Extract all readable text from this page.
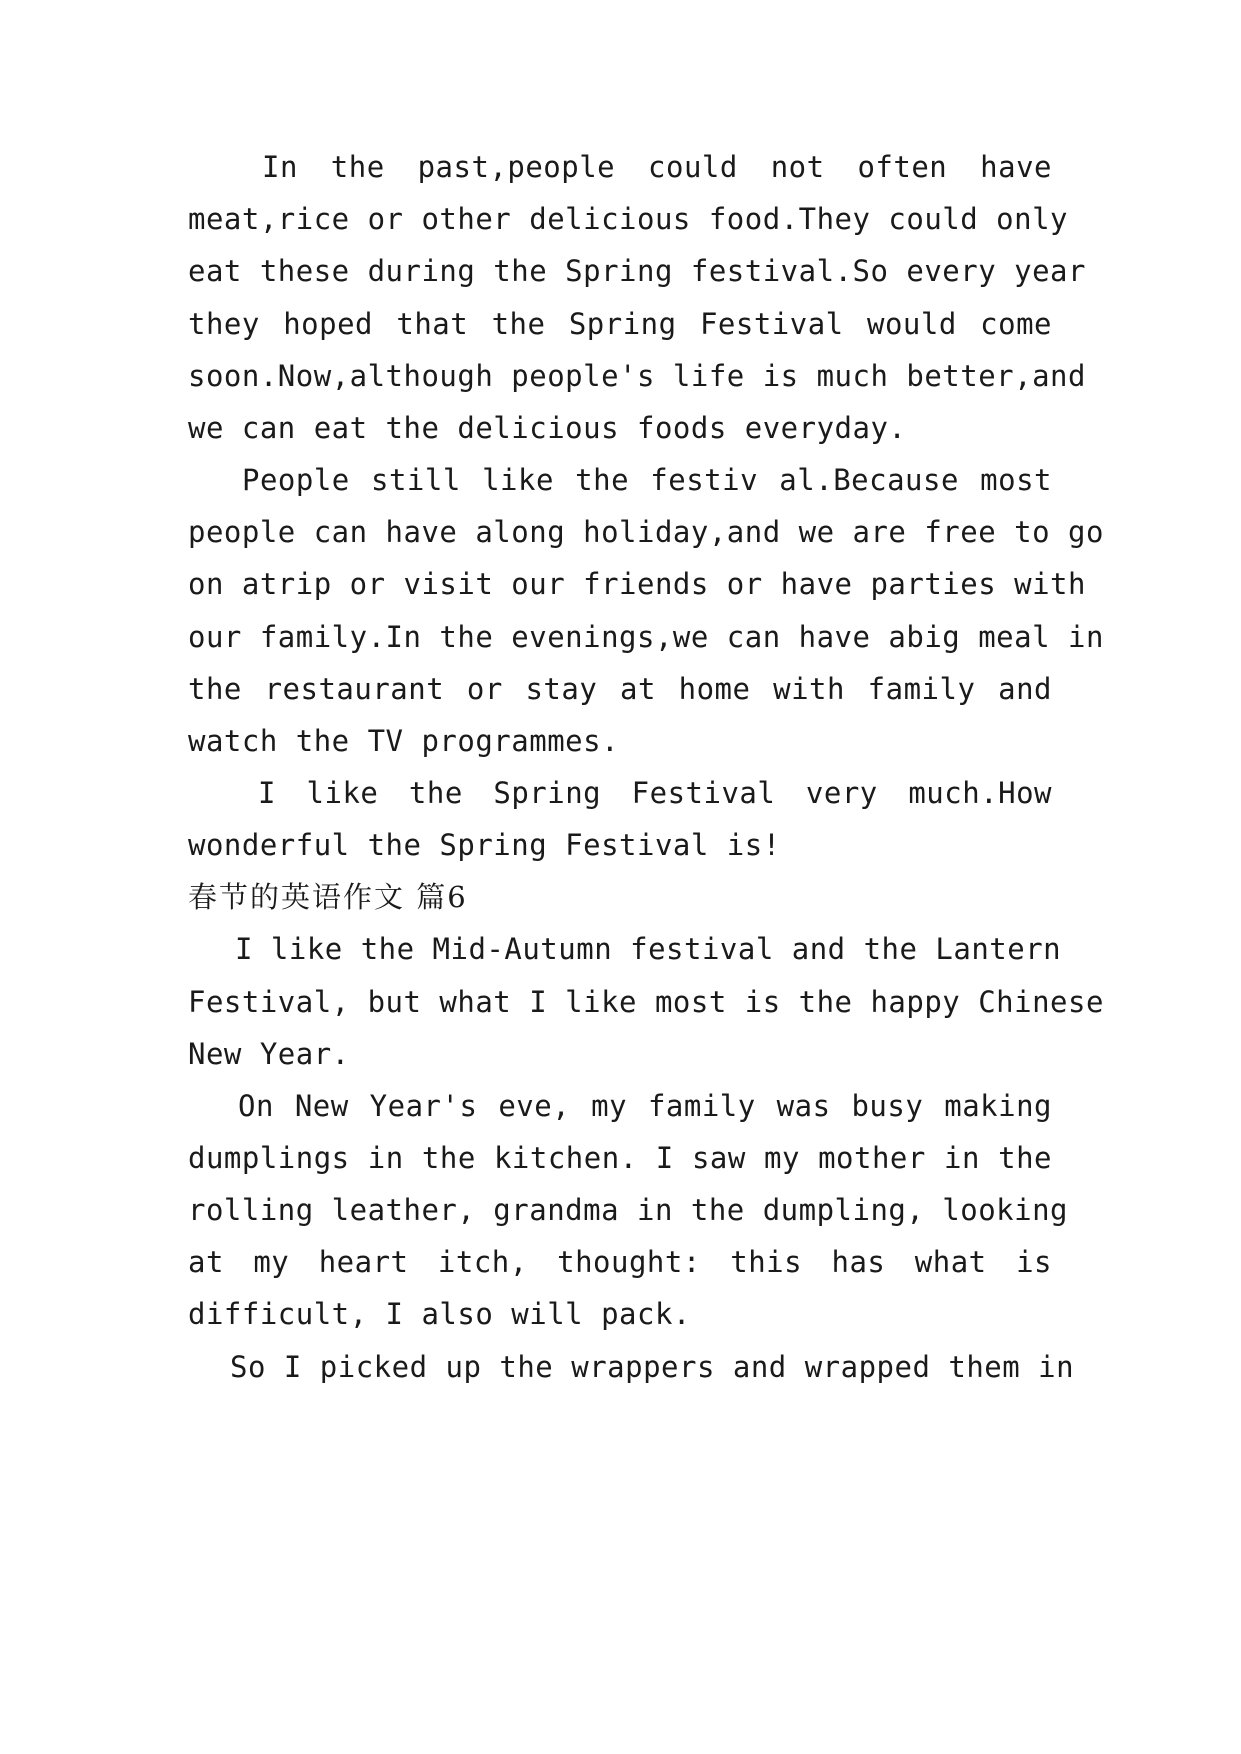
In the past,people could not often have
meat,rice or other delicious food.They could only
eat these during the Spring festival.So every year
they hoped that the Spring Festival would come
soon.Now,although people's life is much better,and
we can eat the delicious foods everyday.
People still like the festiv al.Because most
people can have along holiday,and we are free to go
on atrip or visit our friends or have parties with
our family.In the evenings,we can have abig meal in
the restaurant or stay at home with family and
watch the TV programmes.
I like the Spring Festival very much.How
wonderful the Spring Festival is!
春节的英语作文 篇6
I like the Mid-Autumn festival and the Lantern
Festival, but what I like most is the happy Chinese
New Year.
On New Year's eve, my family was busy making
dumplings in the kitchen. I saw my mother in the
rolling leather, grandma in the dumpling, looking
at my heart itch, thought: this has what is
difficult, I also will pack.
So I picked up the wrappers and wrapped them in
